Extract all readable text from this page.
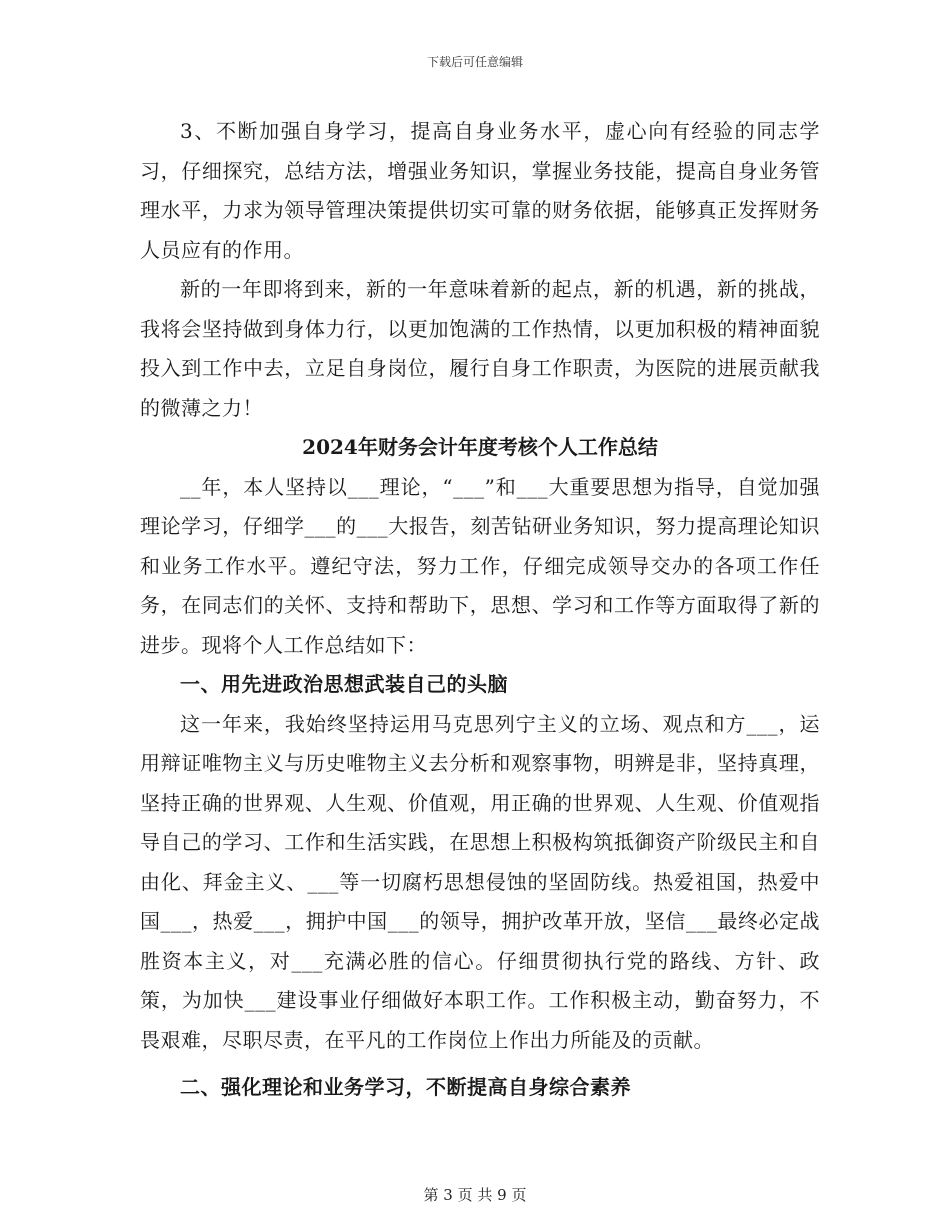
下载后可任意编辑

3、不断加强自身学习，提高自身业务水平，虚心向有经验的同志学习，仔细探究，总结方法，增强业务知识，掌握业务技能，提高自身业务管理水平，力求为领导管理决策提供切实可靠的财务依据，能够真正发挥财务人员应有的作用。

新的一年即将到来，新的一年意味着新的起点，新的机遇，新的挑战，我将会坚持做到身体力行，以更加饱满的工作热情，以更加积极的精神面貌投入到工作中去，立足自身岗位，履行自身工作职责，为医院的进展贡献我的微薄之力！

2024年财务会计年度考核个人工作总结

__年，本人坚持以___理论，“___”和___大重要思想为指导，自觉加强理论学习，仔细学___的___大报告，刻苦钻研业务知识，努力提高理论知识和业务工作水平。遵纪守法，努力工作，仔细完成领导交办的各项工作任务，在同志们的关怀、支持和帮助下，思想、学习和工作等方面取得了新的进步。现将个人工作总结如下：

一、用先进政治思想武装自己的头脑

这一年来，我始终坚持运用马克思列宁主义的立场、观点和方___，运用辩证唯物主义与历史唯物主义去分析和观察事物，明辨是非，坚持真理，坚持正确的世界观、人生观、价值观，用正确的世界观、人生观、价值观指导自己的学习、工作和生活实践，在思想上积极构筑抵御资产阶级民主和自由化、拜金主义、___等一切腐朽思想侵蚀的坚固防线。热爱祖国，热爱中国___，热爱___，拥护中国___的领导，拥护改革开放，坚信___最终必定战胜资本主义，对___充满必胜的信心。仔细贯彻执行党的路线、方针、政策，为加快___建设事业仔细做好本职工作。工作积极主动，勤奋努力，不畏艰难，尽职尽责，在平凡的工作岗位上作出力所能及的贡献。

二、强化理论和业务学习，不断提高自身综合素养

第 3 页 共 9 页
